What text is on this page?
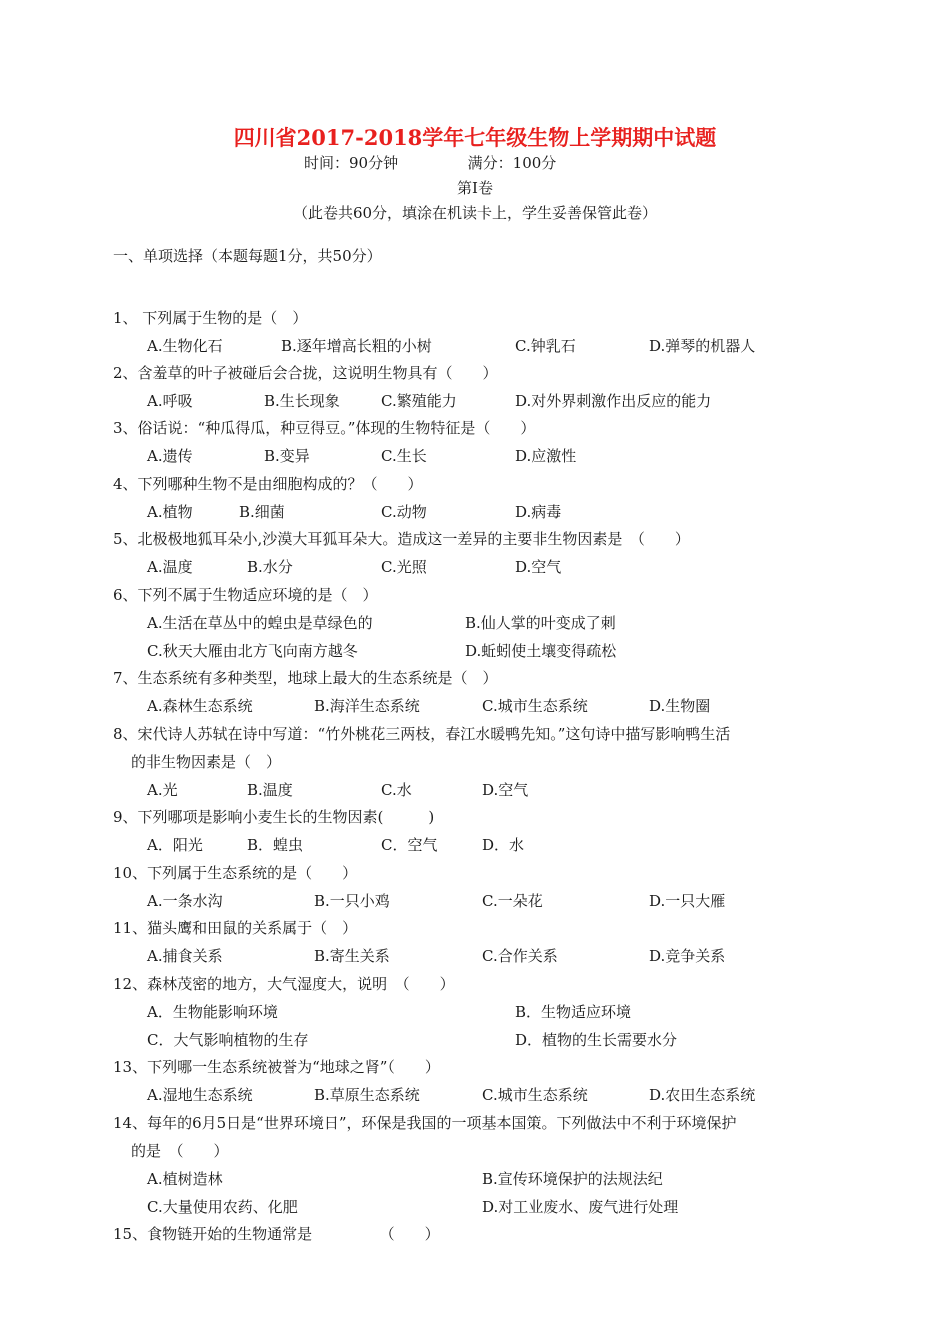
四川省2017-2018学年七年级生物上学期期中试题
时间：90分钟	满分：100分
第Ⅰ卷
（此卷共60分，填涂在机读卡上，学生妥善保管此卷）
一、单项选择（本题每题1分，共50分）
1、 下列属于生物的是（　）
A.生物化石	B.逐年增高长粗的小树	C.钟乳石	D.弹琴的机器人
2、含羞草的叶子被碰后会合拢，这说明生物具有（　　）
A.呼吸	B.生长现象	C.繁殖能力	D.对外界刺激作出反应的能力
3、俗话说：“种瓜得瓜，种豆得豆。”体现的生物特征是（　　）
A.遗传	B.变异	C.生长	D.应激性
4、下列哪种生物不是由细胞构成的？（　　）
A.植物	B.细菌	C.动物	D.病毒
5、北极极地狐耳朵小,沙漠大耳狐耳朵大。造成这一差异的主要非生物因素是　（　　）
A.温度	B.水分	C.光照	D.空气
6、下列不属于生物适应环境的是（　）
A.生活在草丛中的蝗虫是草绿色的	B.仙人掌的叶变成了刺
C.秋天大雁由北方飞向南方越冬	D.蚯蚓使土壤变得疏松
7、生态系统有多种类型，地球上最大的生态系统是（　）
A.森林生态系统	B.海洋生态系统	C.城市生态系统	D.生物圈
8、宋代诗人苏轼在诗中写道：“竹外桃花三两枝，春江水暖鸭先知。”这句诗中描写影响鸭生活
的非生物因素是（　）
A.光	B.温度	C.水	D.空气
9、下列哪项是影响小麦生长的生物因素(　　　)
A．阳光	B．蝗虫	C．空气	D．水
10、下列属于生态系统的是（　　）
A.一条水沟	B.一只小鸡	C.一朵花	D.一只大雁
11、猫头鹰和田鼠的关系属于（　）
A.捕食关系	B.寄生关系	C.合作关系	D.竞争关系
12、森林茂密的地方，大气湿度大，说明　（　　）
A．生物能影响环境	B．生物适应环境
C．大气影响植物的生存	D．植物的生长需要水分
13、下列哪一生态系统被誉为“地球之肾”（　　）
A.湿地生态系统	B.草原生态系统	C.城市生态系统	D.农田生态系统
14、每年的6月5日是“世界环境日”，环保是我国的一项基本国策。下列做法中不利于环境保护
的是　（　　）
A.植树造林	B.宣传环境保护的法规法纪
C.大量使用农药、化肥	D.对工业废水、废气进行处理
15、食物链开始的生物通常是　　　　　（　　）
